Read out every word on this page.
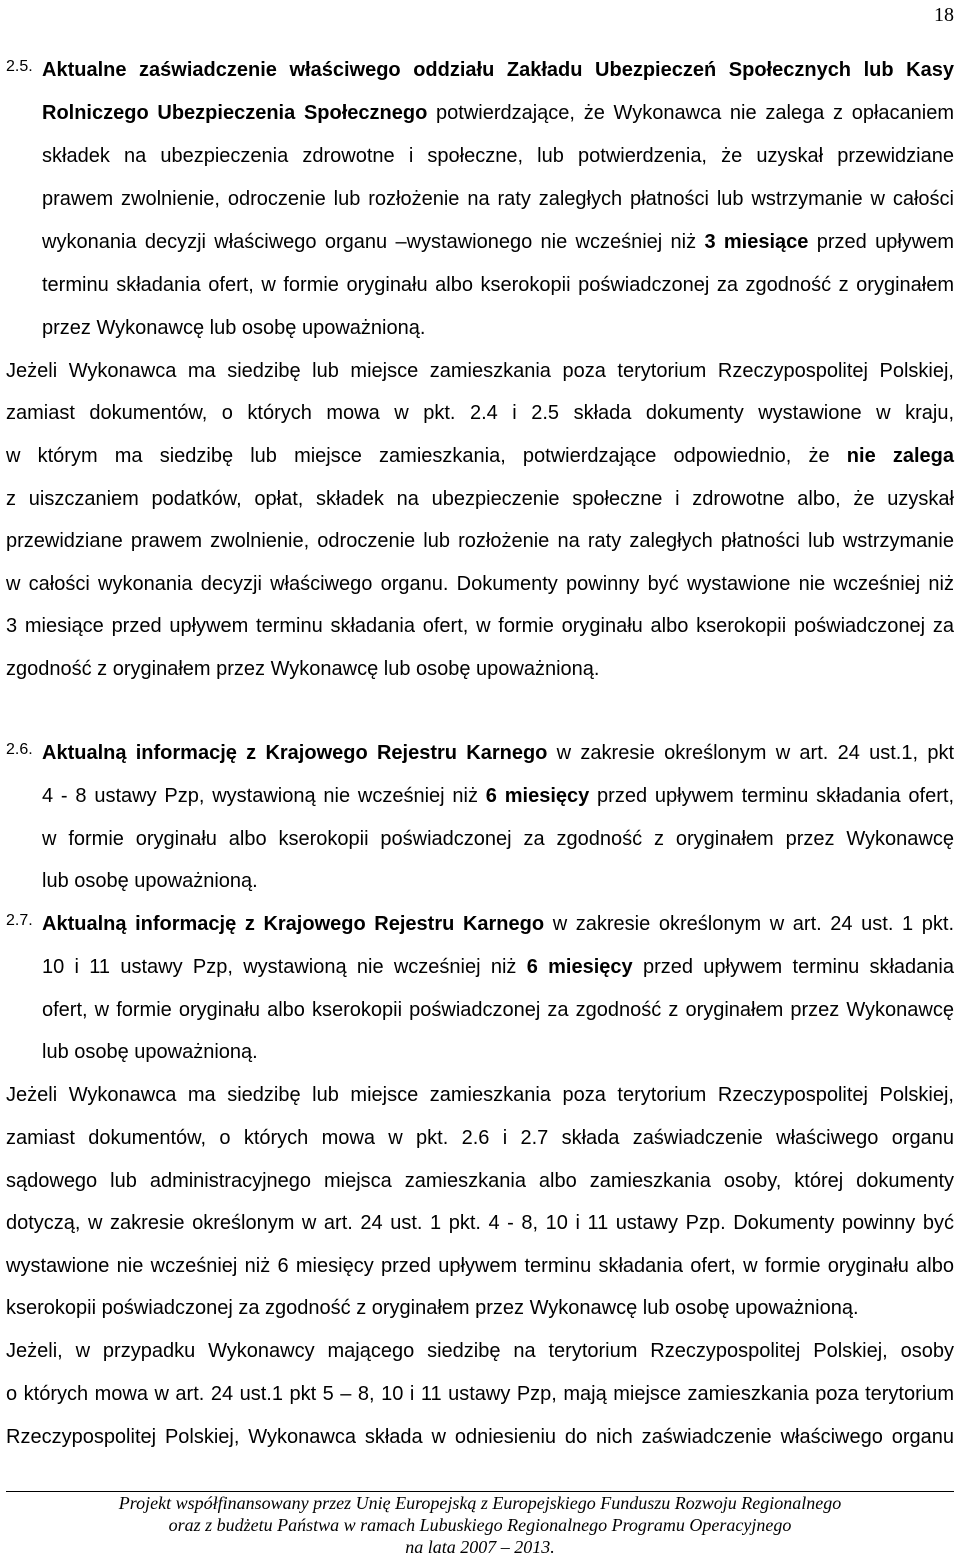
18
2.5.
2.6.
2.7.
Aktualne zaświadczenie właściwego oddziału Zakładu Ubezpieczeń Społecznych lub Kasy
Rolniczego Ubezpieczenia Społecznego potwierdzające, że Wykonawca nie zalega z opłacaniem
składek na ubezpieczenia zdrowotne i społeczne, lub potwierdzenia, że uzyskał przewidziane
prawem zwolnienie, odroczenie lub rozłożenie na raty zaległych płatności lub wstrzymanie w całości
wykonania decyzji właściwego organu –wystawionego nie wcześniej niż 3 miesiące przed upływem
terminu składania ofert, w formie oryginału albo kserokopii poświadczonej za zgodność z oryginałem
przez Wykonawcę lub osobę upoważnioną.
Jeżeli Wykonawca ma siedzibę lub miejsce zamieszkania poza terytorium Rzeczypospolitej Polskiej,
zamiast dokumentów, o których mowa w pkt. 2.4 i 2.5 składa dokumenty wystawione w kraju,
w którym ma siedzibę lub miejsce zamieszkania, potwierdzające odpowiednio, że nie zalega
z uiszczaniem podatków, opłat, składek na ubezpieczenie społeczne i zdrowotne albo, że uzyskał
przewidziane prawem zwolnienie, odroczenie lub rozłożenie na raty zaległych płatności lub wstrzymanie
w całości wykonania decyzji właściwego organu. Dokumenty powinny być wystawione nie wcześniej niż
3 miesiące przed upływem terminu składania ofert, w formie oryginału albo kserokopii poświadczonej za
zgodność z oryginałem przez Wykonawcę lub osobę upoważnioną.
Aktualną informację z Krajowego Rejestru Karnego w zakresie określonym w art. 24 ust.1, pkt
4 - 8 ustawy Pzp, wystawioną nie wcześniej niż 6 miesięcy przed upływem terminu składania ofert,
w formie oryginału albo kserokopii poświadczonej za zgodność z oryginałem przez Wykonawcę
lub osobę upoważnioną.
Aktualną informację z Krajowego Rejestru Karnego w zakresie określonym w art. 24 ust. 1 pkt.
10 i 11 ustawy Pzp, wystawioną nie wcześniej niż 6 miesięcy przed upływem terminu składania
ofert, w formie oryginału albo kserokopii poświadczonej za zgodność z oryginałem przez Wykonawcę
lub osobę upoważnioną.
Jeżeli Wykonawca ma siedzibę lub miejsce zamieszkania poza terytorium Rzeczypospolitej Polskiej,
zamiast dokumentów, o których mowa w pkt. 2.6 i 2.7 składa zaświadczenie właściwego organu
sądowego lub administracyjnego miejsca zamieszkania albo zamieszkania osoby, której dokumenty
dotyczą, w zakresie określonym w art. 24 ust. 1 pkt. 4 - 8, 10 i 11 ustawy Pzp. Dokumenty powinny być
wystawione nie wcześniej niż 6 miesięcy przed upływem terminu składania ofert, w formie oryginału albo
kserokopii poświadczonej za zgodność z oryginałem przez Wykonawcę lub osobę upoważnioną.
Jeżeli, w przypadku Wykonawcy mającego siedzibę na terytorium Rzeczypospolitej Polskiej, osoby
o których mowa w art. 24 ust.1 pkt 5 – 8, 10 i 11 ustawy Pzp, mają miejsce zamieszkania poza terytorium
Rzeczypospolitej Polskiej, Wykonawca składa w odniesieniu do nich zaświadczenie właściwego organu
Projekt współfinansowany przez Unię Europejską z Europejskiego Funduszu Rozwoju Regionalnego
oraz z budżetu Państwa w ramach Lubuskiego Regionalnego Programu Operacyjnego
na lata 2007 – 2013.
